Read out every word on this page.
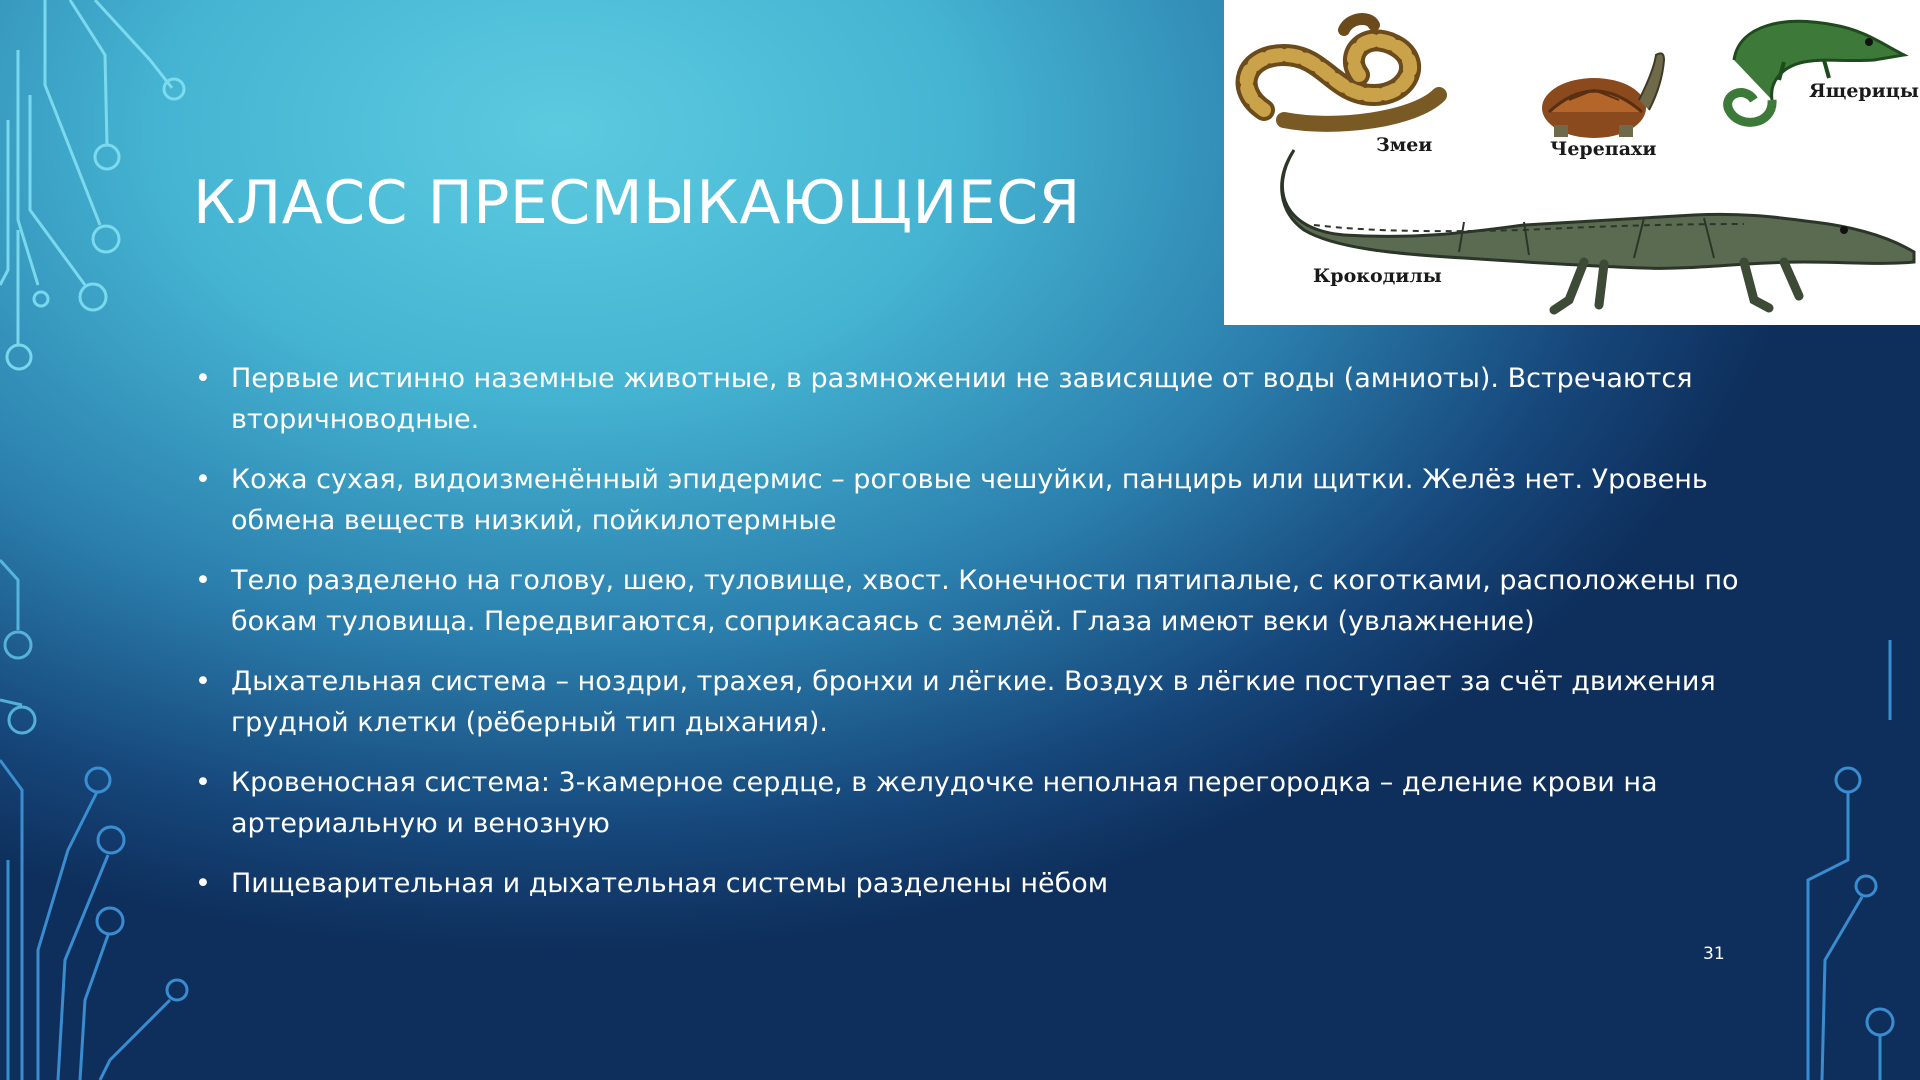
КЛАСС ПРЕСМЫКАЮЩИЕСЯ
• Первые истинно наземные животные, в размножении не зависящие от воды (амниоты). Встречаются вторичноводные.
• Кожа сухая, видоизменённый эпидермис – роговые чешуйки, панцирь или щитки. Желёз нет. Уровень обмена веществ низкий, пойкилотермные
• Тело разделено на голову, шею, туловище, хвост. Конечности пятипалые, с коготками, расположены по бокам туловища. Передвигаются, соприкасаясь с землёй. Глаза имеют веки (увлажнение)
• Дыхательная система – ноздри, трахея, бронхи и лёгкие. Воздух в лёгкие поступает за счёт движения грудной клетки (рёберный тип дыхания).
• Кровеносная система: 3-камерное сердце, в желудочке неполная перегородка – деление крови на артериальную и венозную
• Пищеварительная и дыхательная системы разделены нёбом
31
Змеи	Черепахи
Ящерицы
Крокодилы
